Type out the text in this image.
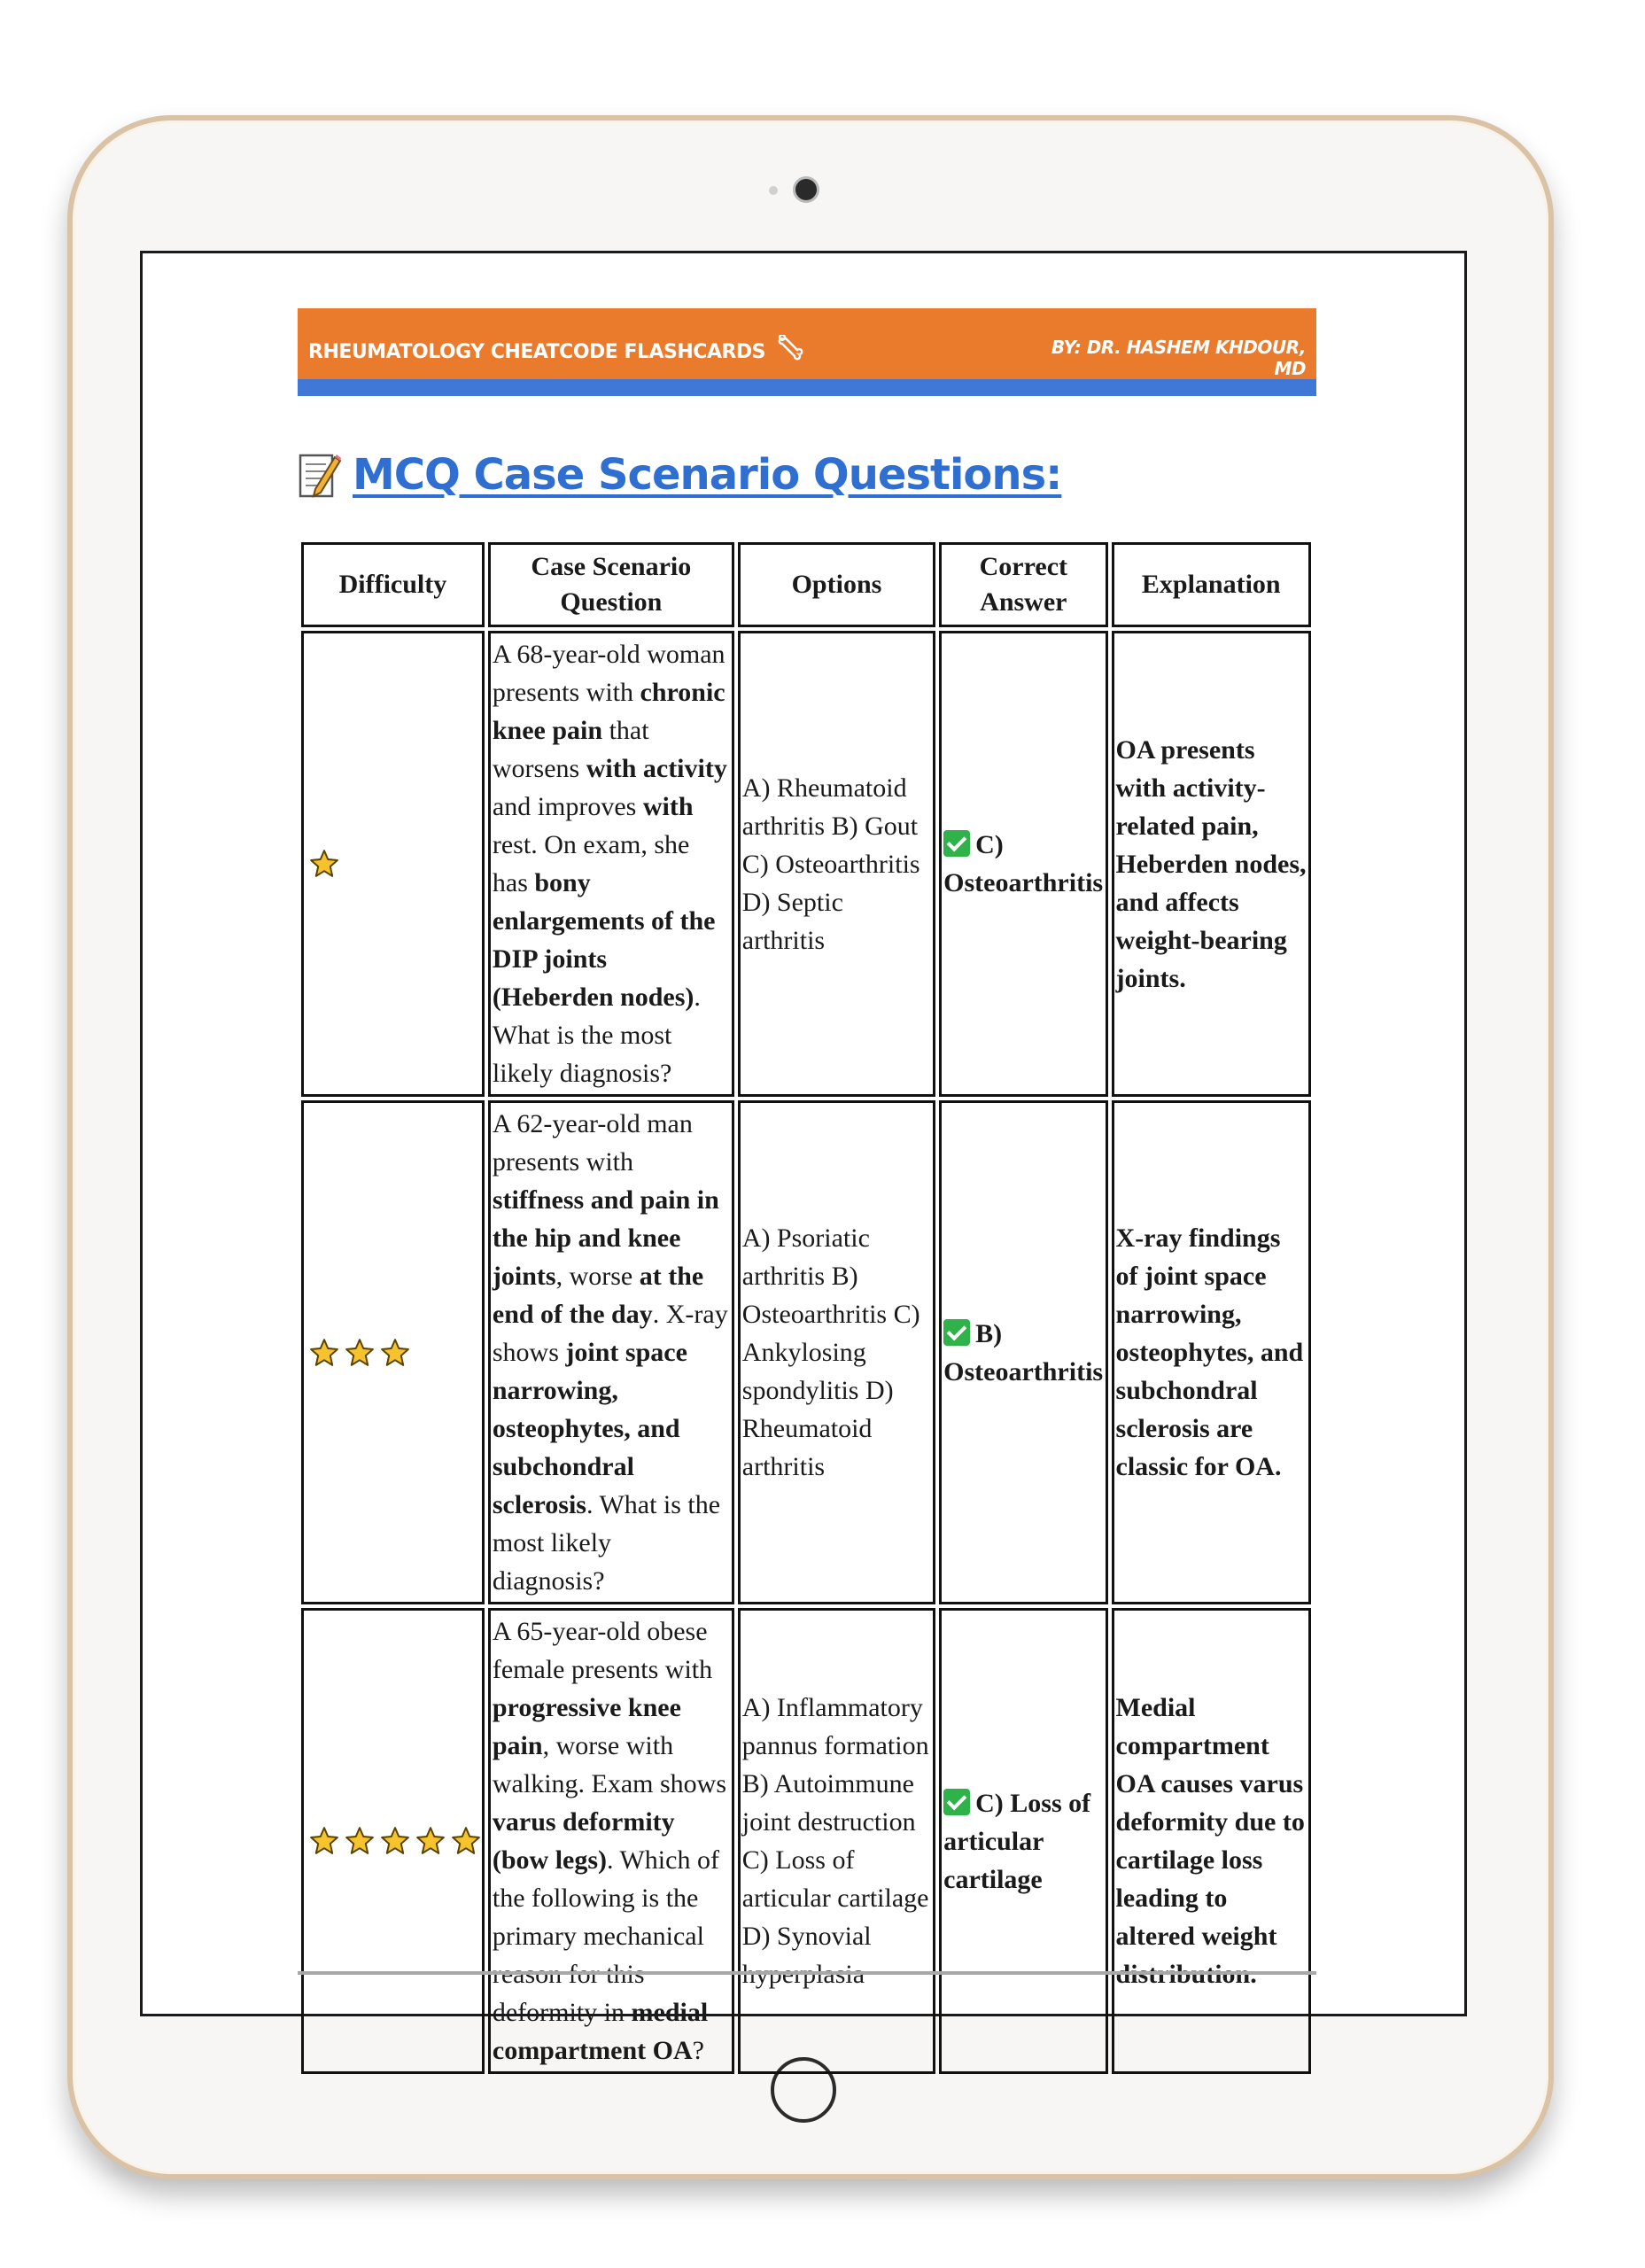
RHEUMATOLOGY CHEATCODE FLASHCARDS	BY: DR. HASHEM KHDOUR, MD
MCQ Case Scenario Questions:
Difficulty	Case Scenario Question	Options	Correct Answer	Explanation

	A 68-year-old woman presents with chronic knee pain that worsens with activity and improves with rest. On exam, she has bony enlargements of the DIP joints (Heberden nodes). What is the most likely diagnosis?	A) Rheumatoid arthritis B) Gout C) Osteoarthritis D) Septic arthritis	C) Osteoarthritis	OA presents with activity-related pain, Heberden nodes, and affects weight-bearing joints.

	A 62-year-old man presents with stiffness and pain in the hip and knee joints, worse at the end of the day. X-ray shows joint space narrowing, osteophytes, and subchondral sclerosis. What is the most likely diagnosis?	A) Psoriatic arthritis B) Osteoarthritis C) Ankylosing spondylitis D) Rheumatoid arthritis	B) Osteoarthritis	X-ray findings of joint space narrowing, osteophytes, and subchondral sclerosis are classic for OA.

	A 65-year-old obese female presents with progressive knee pain, worse with walking. Exam shows varus deformity (bow legs). Which of the following is the primary mechanical deformity in medial compartment OA?	A) Inflammatory pannus formation B) Autoimmune joint destruction C) Loss of articular cartilage D) Synovial	C) Loss of articular cartilage	Medial compartment OA causes varus deformity due to cartilage loss leading to altered weight
